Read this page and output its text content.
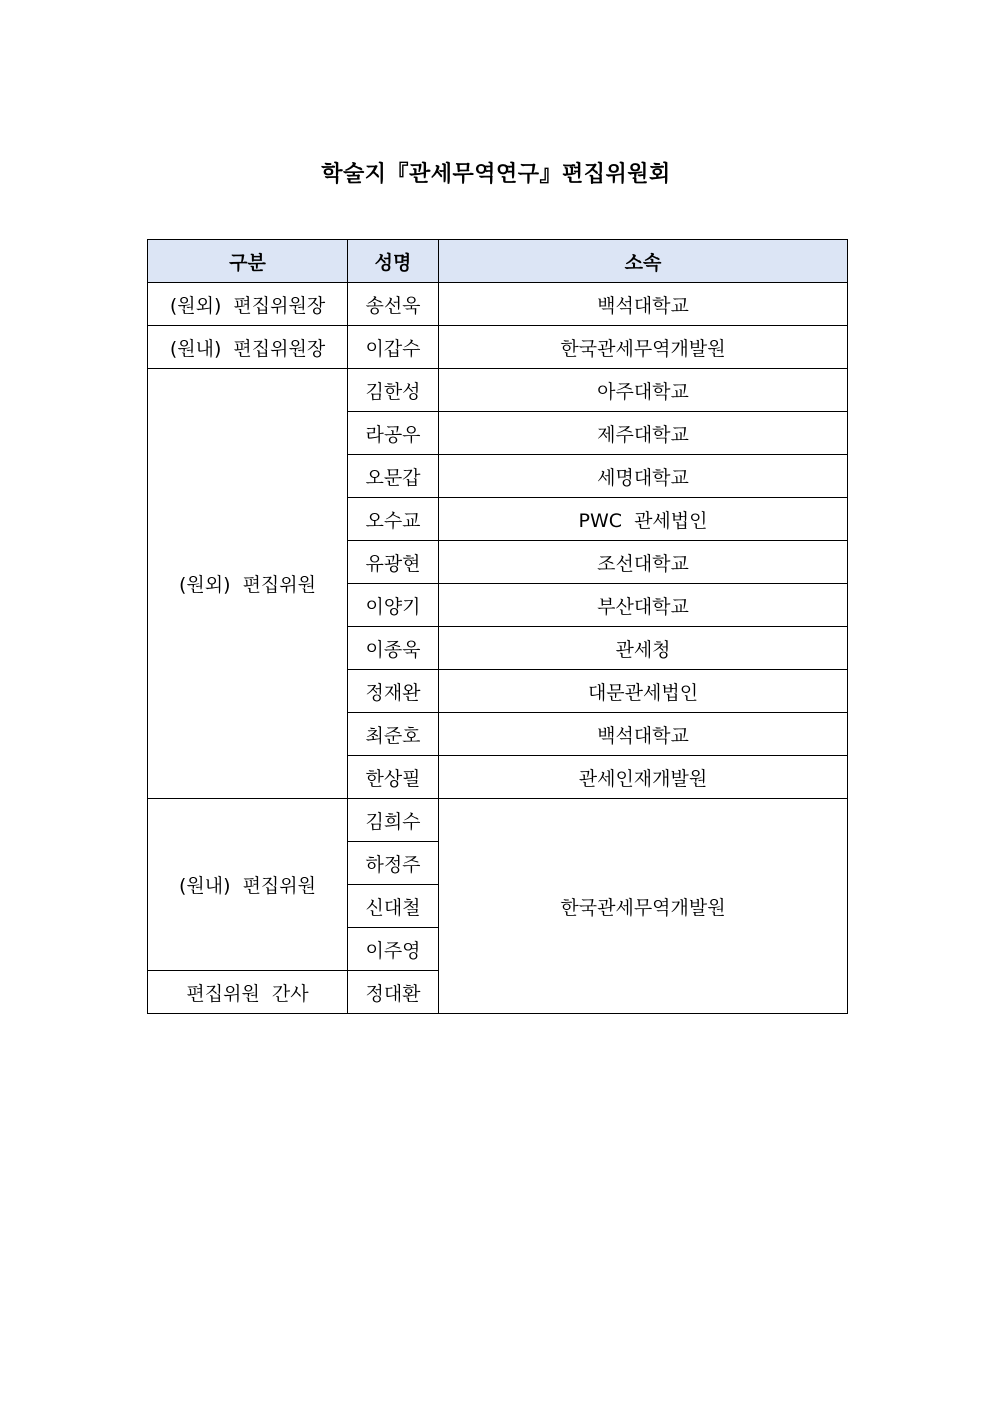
학술지『관세무역연구』편집위원회
구분	성명	소속
(원외) 편집위원장	송선욱	백석대학교
(원내) 편집위원장	이갑수	한국관세무역개발원
(원외) 편집위원	김한성	아주대학교
	라공우	제주대학교
	오문갑	세명대학교
	오수교	PWC 관세법인
	유광현	조선대학교
	이양기	부산대학교
	이종욱	관세청
	정재완	대문관세법인
	최준호	백석대학교
	한상필	관세인재개발원
(원내) 편집위원	김희수	한국관세무역개발원
	하정주	
	신대철	
	이주영	
편집위원 간사	정대환	
